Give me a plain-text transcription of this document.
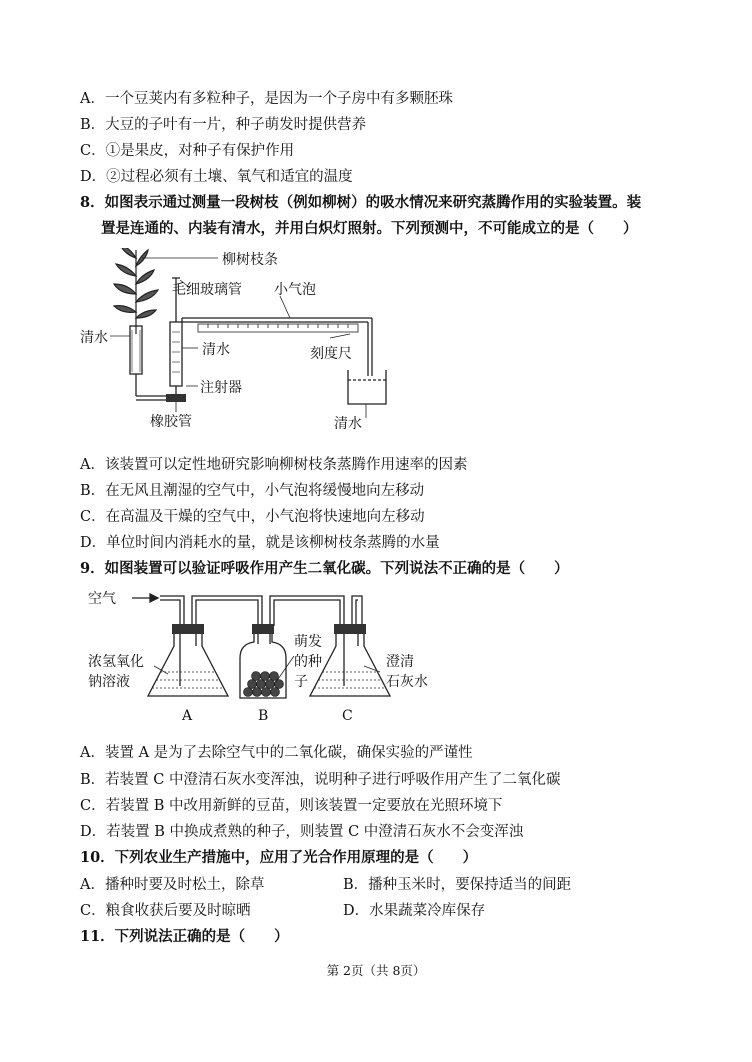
A．一个豆荚内有多粒种子，是因为一个子房中有多颗胚珠
B．大豆的子叶有一片，种子萌发时提供营养
C．①是果皮，对种子有保护作用
D．②过程必须有土壤、氧气和适宜的温度
8．如图表示通过测量一段树枝（例如柳树）的吸水情况来研究蒸腾作用的实验装置。装
置是连通的、内装有清水，并用白炽灯照射。下列预测中，不可能成立的是（　　）
柳树枝条
毛细玻璃管 小气泡
清水
清水	刻度尺
注射器
橡胶管	清水
A．该装置可以定性地研究影响柳树枝条蒸腾作用速率的因素
B．在无风且潮湿的空气中，小气泡将缓慢地向左移动
C．在高温及干燥的空气中，小气泡将快速地向左移动
D．单位时间内消耗水的量，就是该柳树枝条蒸腾的水量
9．如图装置可以验证呼吸作用产生二氧化碳。下列说法不正确的是（　　）
空气
浓氢氧化
钠溶液
萌发
的种
子
澄清
石灰水
A	B	C
A．装置 A 是为了去除空气中的二氧化碳，确保实验的严谨性
B．若装置 C 中澄清石灰水变浑浊，说明种子进行呼吸作用产生了二氧化碳
C．若装置 B 中改用新鲜的豆苗，则该装置一定要放在光照环境下
D．若装置 B 中换成煮熟的种子，则装置 C 中澄清石灰水不会变浑浊
10．下列农业生产措施中，应用了光合作用原理的是（　　）
A．播种时要及时松土，除草	B．播种玉米时，要保持适当的间距
C．粮食收获后要及时晾晒	D．水果蔬菜冷库保存
11．下列说法正确的是（　　）
第 2页（共 8页）
